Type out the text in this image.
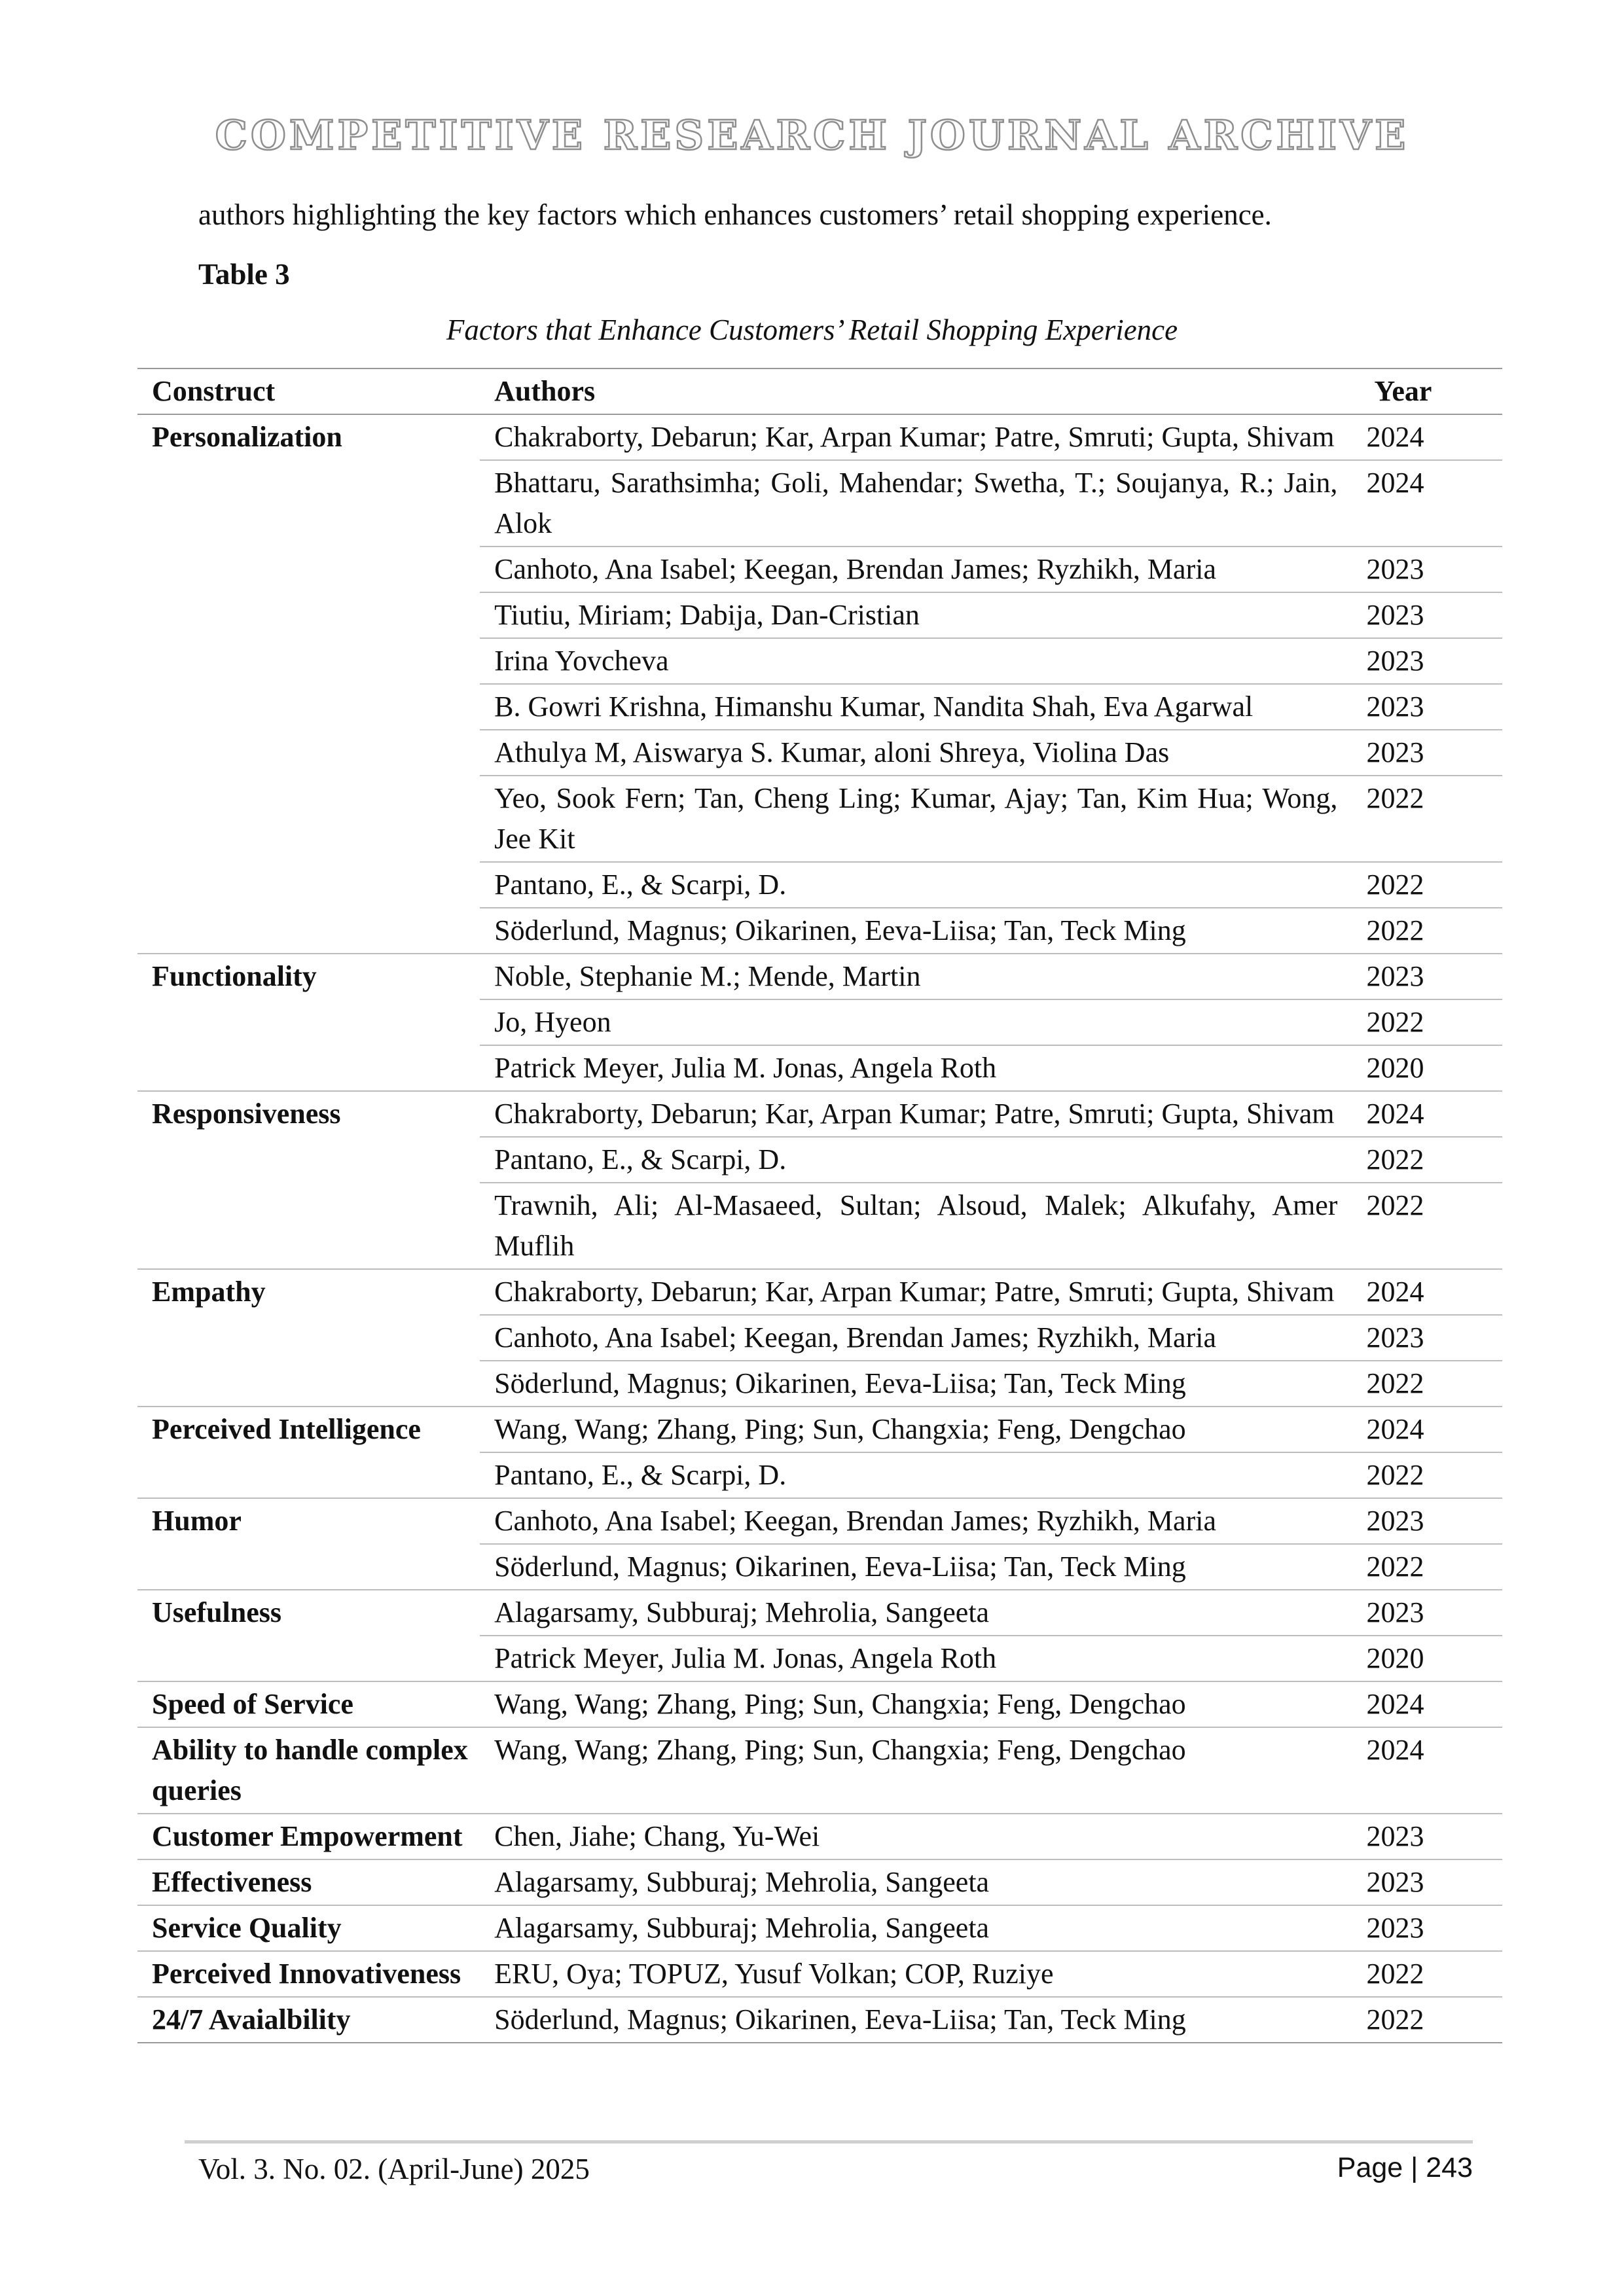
COMPETITIVE RESEARCH JOURNAL ARCHIVE

authors highlighting the key factors which enhances customers’ retail shopping experience.

Table 3

Factors that Enhance Customers’ Retail Shopping Experience

Construct	Authors	Year
Personalization	Chakraborty, Debarun; Kar, Arpan Kumar; Patre, Smruti; Gupta, Shivam	2024
	Bhattaru, Sarathsimha; Goli, Mahendar; Swetha, T.; Soujanya, R.; Jain, Alok	2024
	Canhoto, Ana Isabel; Keegan, Brendan James; Ryzhikh, Maria	2023
	Tiutiu, Miriam; Dabija, Dan-Cristian	2023
	Irina Yovcheva	2023
	B. Gowri Krishna, Himanshu Kumar, Nandita Shah, Eva Agarwal	2023
	Athulya M, Aiswarya S. Kumar, aloni Shreya, Violina Das	2023
	Yeo, Sook Fern; Tan, Cheng Ling; Kumar, Ajay; Tan, Kim Hua; Wong, Jee Kit	2022
	Pantano, E., & Scarpi, D.	2022
	Söderlund, Magnus; Oikarinen, Eeva-Liisa; Tan, Teck Ming	2022
Functionality	Noble, Stephanie M.; Mende, Martin	2023
	Jo, Hyeon	2022
	Patrick Meyer, Julia M. Jonas, Angela Roth	2020
Responsiveness	Chakraborty, Debarun; Kar, Arpan Kumar; Patre, Smruti; Gupta, Shivam	2024
	Pantano, E., & Scarpi, D.	2022
	Trawnih, Ali; Al-Masaeed, Sultan; Alsoud, Malek; Alkufahy, Amer Muflih	2022
Empathy	Chakraborty, Debarun; Kar, Arpan Kumar; Patre, Smruti; Gupta, Shivam	2024
	Canhoto, Ana Isabel; Keegan, Brendan James; Ryzhikh, Maria	2023
	Söderlund, Magnus; Oikarinen, Eeva-Liisa; Tan, Teck Ming	2022
Perceived Intelligence	Wang, Wang; Zhang, Ping; Sun, Changxia; Feng, Dengchao	2024
	Pantano, E., & Scarpi, D.	2022
Humor	Canhoto, Ana Isabel; Keegan, Brendan James; Ryzhikh, Maria	2023
	Söderlund, Magnus; Oikarinen, Eeva-Liisa; Tan, Teck Ming	2022
Usefulness	Alagarsamy, Subburaj; Mehrolia, Sangeeta	2023
	Patrick Meyer, Julia M. Jonas, Angela Roth	2020
Speed of Service	Wang, Wang; Zhang, Ping; Sun, Changxia; Feng, Dengchao	2024
Ability to handle complex queries	Wang, Wang; Zhang, Ping; Sun, Changxia; Feng, Dengchao	2024
Customer Empowerment	Chen, Jiahe; Chang, Yu-Wei	2023
Effectiveness	Alagarsamy, Subburaj; Mehrolia, Sangeeta	2023
Service Quality	Alagarsamy, Subburaj; Mehrolia, Sangeeta	2023
Perceived Innovativeness	ERU, Oya; TOPUZ, Yusuf Volkan; COP, Ruziye	2022
24/7 Avaialbility	Söderlund, Magnus; Oikarinen, Eeva-Liisa; Tan, Teck Ming	2022
Vol. 3. No. 02. (April-June) 2025	Page | 243
